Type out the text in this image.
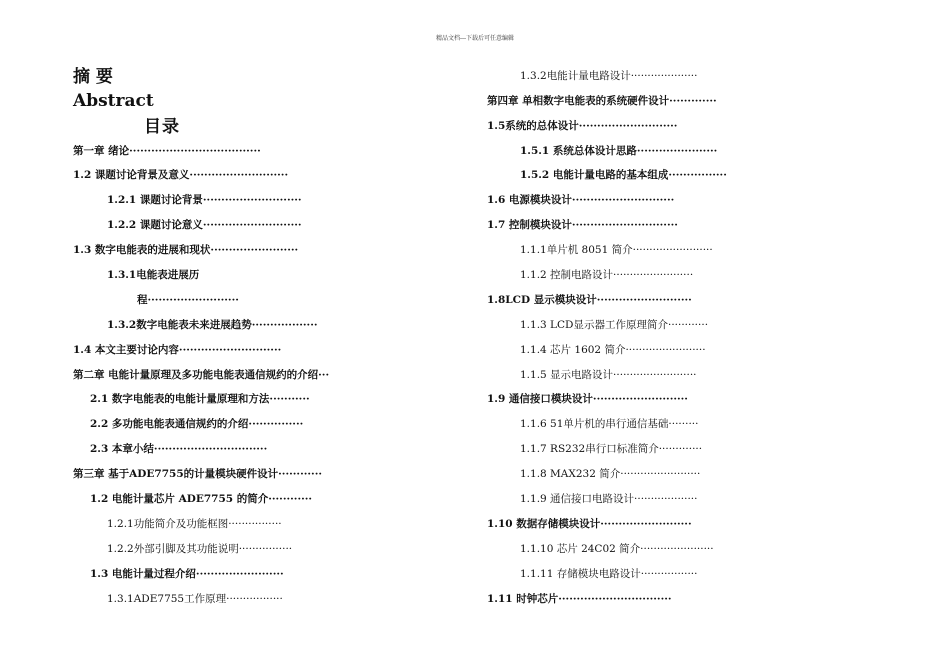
精品文档---下载后可任意编辑
摘 要
Abstract
目录
第一章 绪论····································
1.2 课题讨论背景及意义···························
1.2.1 课题讨论背景···························
1.2.2 课题讨论意义···························
1.3 数字电能表的进展和现状························
1.3.1电能表进展历
程·························
1.3.2数字电能表未来进展趋势··················
1.4 本文主要讨论内容····························
第二章 电能计量原理及多功能电能表通信规约的介绍···
2.1 数字电能表的电能计量原理和方法···········
2.2 多功能电能表通信规约的介绍···············
2.3 本章小结·······························
第三章 基于ADE7755的计量模块硬件设计············
1.2 电能计量芯片 ADE7755 的简介············
1.2.1功能简介及功能框图················
1.2.2外部引脚及其功能说明················
1.3 电能计量过程介绍························
1.3.1ADE7755工作原理·················
1.3.2电能计量电路设计····················
第四章 单相数字电能表的系统硬件设计·············
1.5系统的总体设计···························
1.5.1 系统总体设计思路······················
1.5.2 电能计量电路的基本组成················
1.6 电源模块设计····························
1.7 控制模块设计·····························
1.1.1单片机 8051 简介························
1.1.2 控制电路设计························
1.8LCD 显示模块设计··························
1.1.3 LCD显示器工作原理简介············
1.1.4 芯片 1602 简介························
1.1.5 显示电路设计·························
1.9 通信接口模块设计··························
1.1.6 51单片机的串行通信基础·········
1.1.7 RS232串行口标准简介·············
1.1.8 MAX232 简介························
1.1.9 通信接口电路设计···················
1.10 数据存储模块设计·························
1.1.10 芯片 24C02 简介······················
1.1.11 存储模块电路设计·················
1.11 时钟芯片·······························
